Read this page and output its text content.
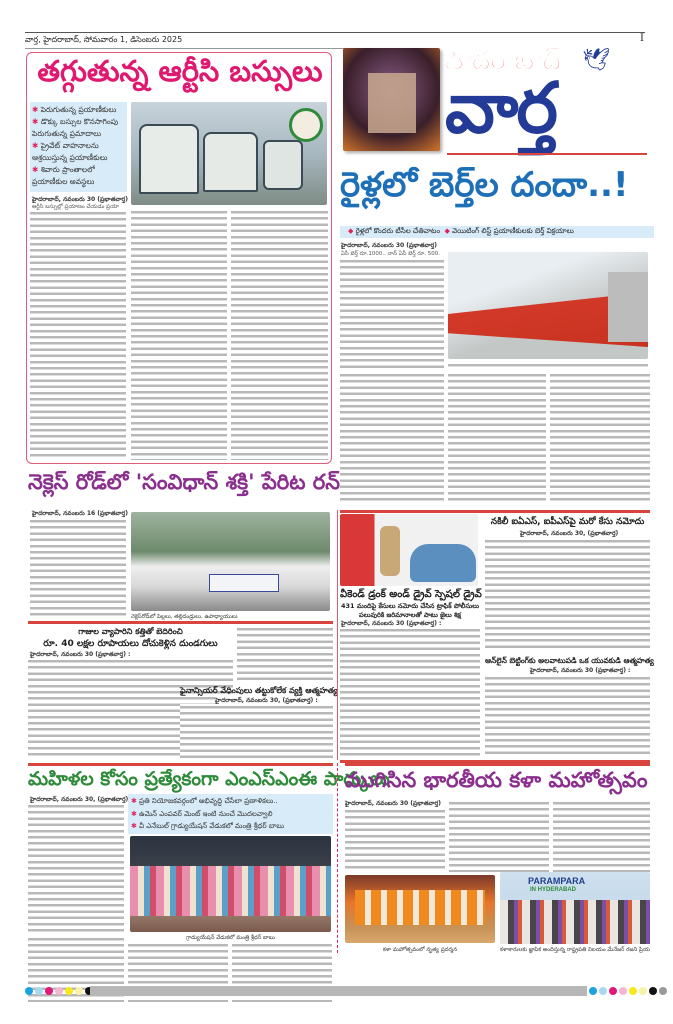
వార్త, హైదరాబాద్, సోమవారం 1, డిసెంబరు 2025	I
తగ్గుతున్న ఆర్టీసి బస్సులు
✱ పెరుగుతున్న ప్రయాణీకులు
✱ డొక్కు బస్సుల కొనసాగింపు పెరుగుతున్న ప్రమాదాలు
✱ ప్రైవేట్ వాహనాలను ఆశ్రయిస్తున్న ప్రయాణీకులు
✱ శివారు ప్రాంతాలలో ప్రయాణీకుల అవస్థలు
హైదరాబాద్, నవంబరు 30 (ప్రభాతవార్త)
ఆర్టీసి బస్సుల్లో ప్రయాణం చేయడం ప్రయా
హైదరాబాద్ 🕊
వార్త
రైళ్లలో బెర్త్‌ల దందా..!
◆ రైళ్లలో కొందరు టీసీల చేతివాటం ◆ వెయిటింగ్ లిస్ట్ ప్రయాణీకులకు బెర్త్ విక్రయాలు
హైదరాబాద్, నవంబరు 30 (ప్రభాతవార్త)
ఏసీ బెర్త్ రూ.1000.. నాన్ ఏసీ బెర్త్ రూ. 500.
నెక్లెస్ రోడ్‌లో 'సంవిధాన్ శక్తి' పేరిట రన్
హైదరాబాద్, నవంబరు 16 (ప్రభాతవార్త)
నెక్లెస్‌రోడ్‌లో పిల్లలు, తల్లిదండ్రులు, ఉపాధ్యాయులు
గాజుల వ్యాపారిని కత్తితో బెదిరించి
రూ. 40 లక్షల రూపాయలు దోచుకెళ్లిన దుండగులు
హైదరాబాద్, నవంబరు 30 (ప్రభాతవార్త) :
ఫైనాన్సియర్ వేధింపులు తట్టుకోలేక వ్యక్తి ఆత్మహత్య
హైదరాబాద్, నవంబరు 30, (ప్రభాతవార్త) :
వీకెండ్ డ్రంక్ అండ్ డ్రైవ్ స్పెషల్ డ్రైవ్
431 మందిపై కేసులు నమోదు చేసిన ట్రాఫిక్ పోలీసులు
పలువురికి జరిమానాలతో పాటు జైలు శిక్ష
హైదరాబాద్, నవంబరు 30 (ప్రభాతవార్త) :
నకిలీ ఐఏఎస్, ఐపీఎస్‌పై మరో కేసు నమోదు
హైదరాబాద్, నవంబరు 30, (ప్రభాతవార్త)
ఆన్‌లైన్ బెట్టింగ్‌కు అలవాటుపడి ఒక యువకుడి ఆత్మహత్య
హైదరాబాద్, నవంబరు 30 (ప్రభాతవార్త) :
మహిళల కోసం ప్రత్యేకంగా ఎంఎస్ఎంఈ పార్కులు
హైదరాబాద్, నవంబరు 30, (ప్రభాతవార్త) ✱ ప్రతి నియోజకవర్గంలో అభివృద్ధి చేసేలా ప్రణాళికలు..
✱ ఉమెన్ ఎంపవర్ మెంట్ ఇంటి నుంచే మొదలవ్వాలి
✱ వీ ఎనేబుల్ గ్రాడ్యుయేషన్ వేడుకలో మంత్రి శ్రీధర్ బాబు
గ్రాడ్యుయేషన్ వేడుకలో మంత్రి శ్రీధర్ బాబు
ముగిసిన భారతీయ కళా మహోత్సవం
హైదరాబాద్, నవంబరు 30 (ప్రభాతవార్త)
PARAMPARA
IN HYDERABAD
కళా మహోత్సవంలో నృత్య ప్రదర్శన	కళాకారులకు జ్ఞాపిక అందిస్తున్న రాష్ట్రపతి నిలయం మేనేజర్ రజని ప్రియ
